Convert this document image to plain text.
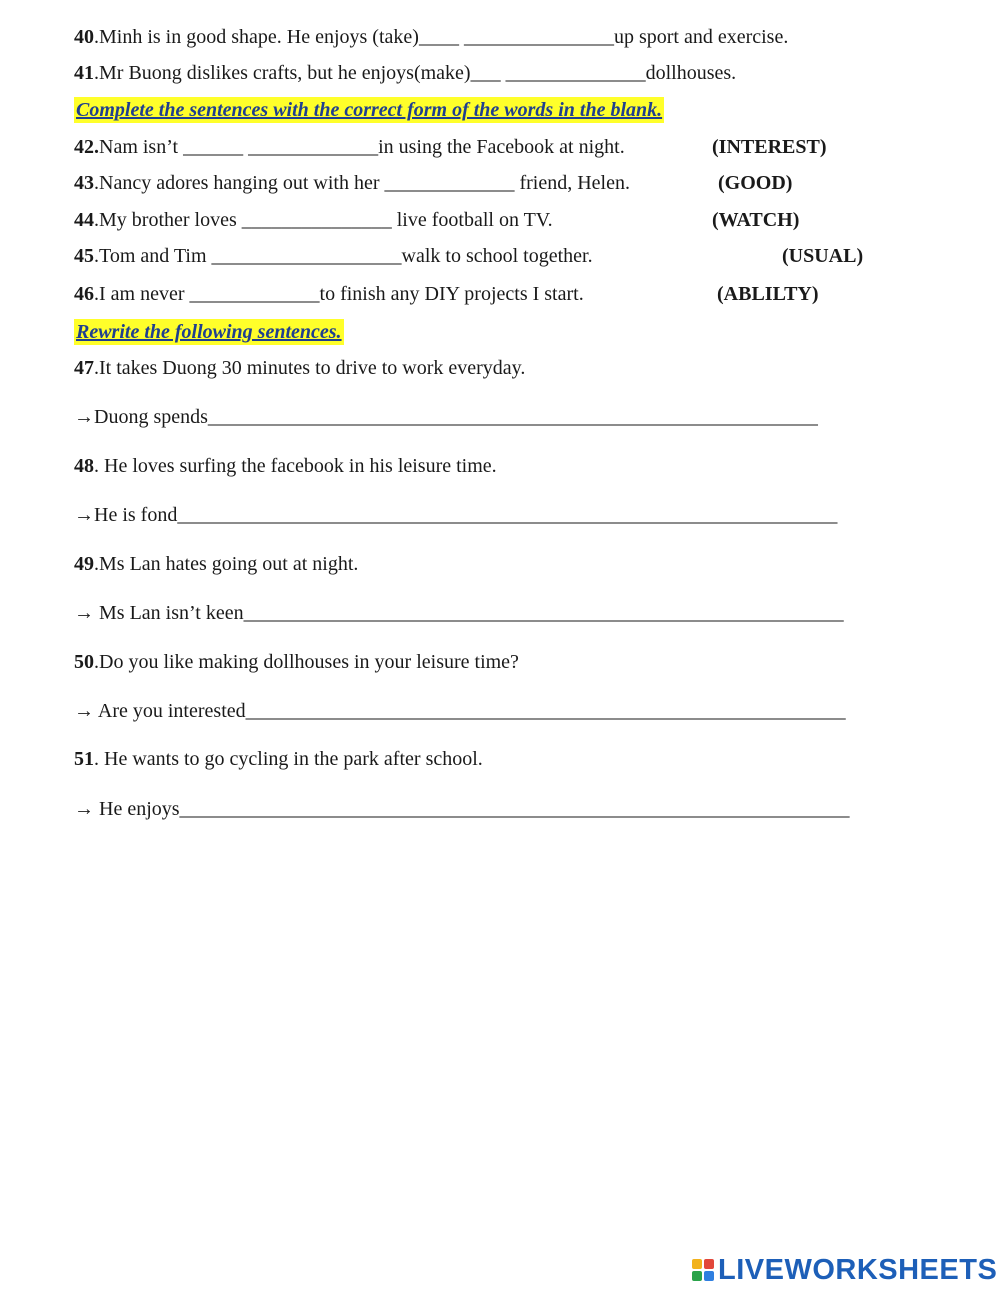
40.Minh is in good shape. He enjoys (take)____ _______________up sport and exercise.
41.Mr Buong dislikes crafts, but he enjoys(make)___ ______________dollhouses.
Complete the sentences with the correct form of the words in the blank.
42.Nam isn’t ______ _____________in using the Facebook at night.	(INTEREST)
43.Nancy adores hanging out with her _____________ friend, Helen.	(GOOD)
44.My brother loves _______________ live football on TV.	(WATCH)
45.Tom and Tim ___________________walk to school together.	(USUAL)
46.I am never _____________to finish any DIY projects I start.	(ABLILTY)
Rewrite the following sentences.
47.It takes Duong 30 minutes to drive to work everyday.
→Duong spends_____________________________________________________________
48. He loves surfing the facebook in his leisure time.
→He is fond__________________________________________________________________
49.Ms Lan hates going out at night.
→ Ms Lan isn’t keen____________________________________________________________
50.Do you like making dollhouses in your leisure time?
→ Are you interested____________________________________________________________
51. He wants to go cycling in the park after school.
→ He enjoys___________________________________________________________________
LIVEWORKSHEETS
